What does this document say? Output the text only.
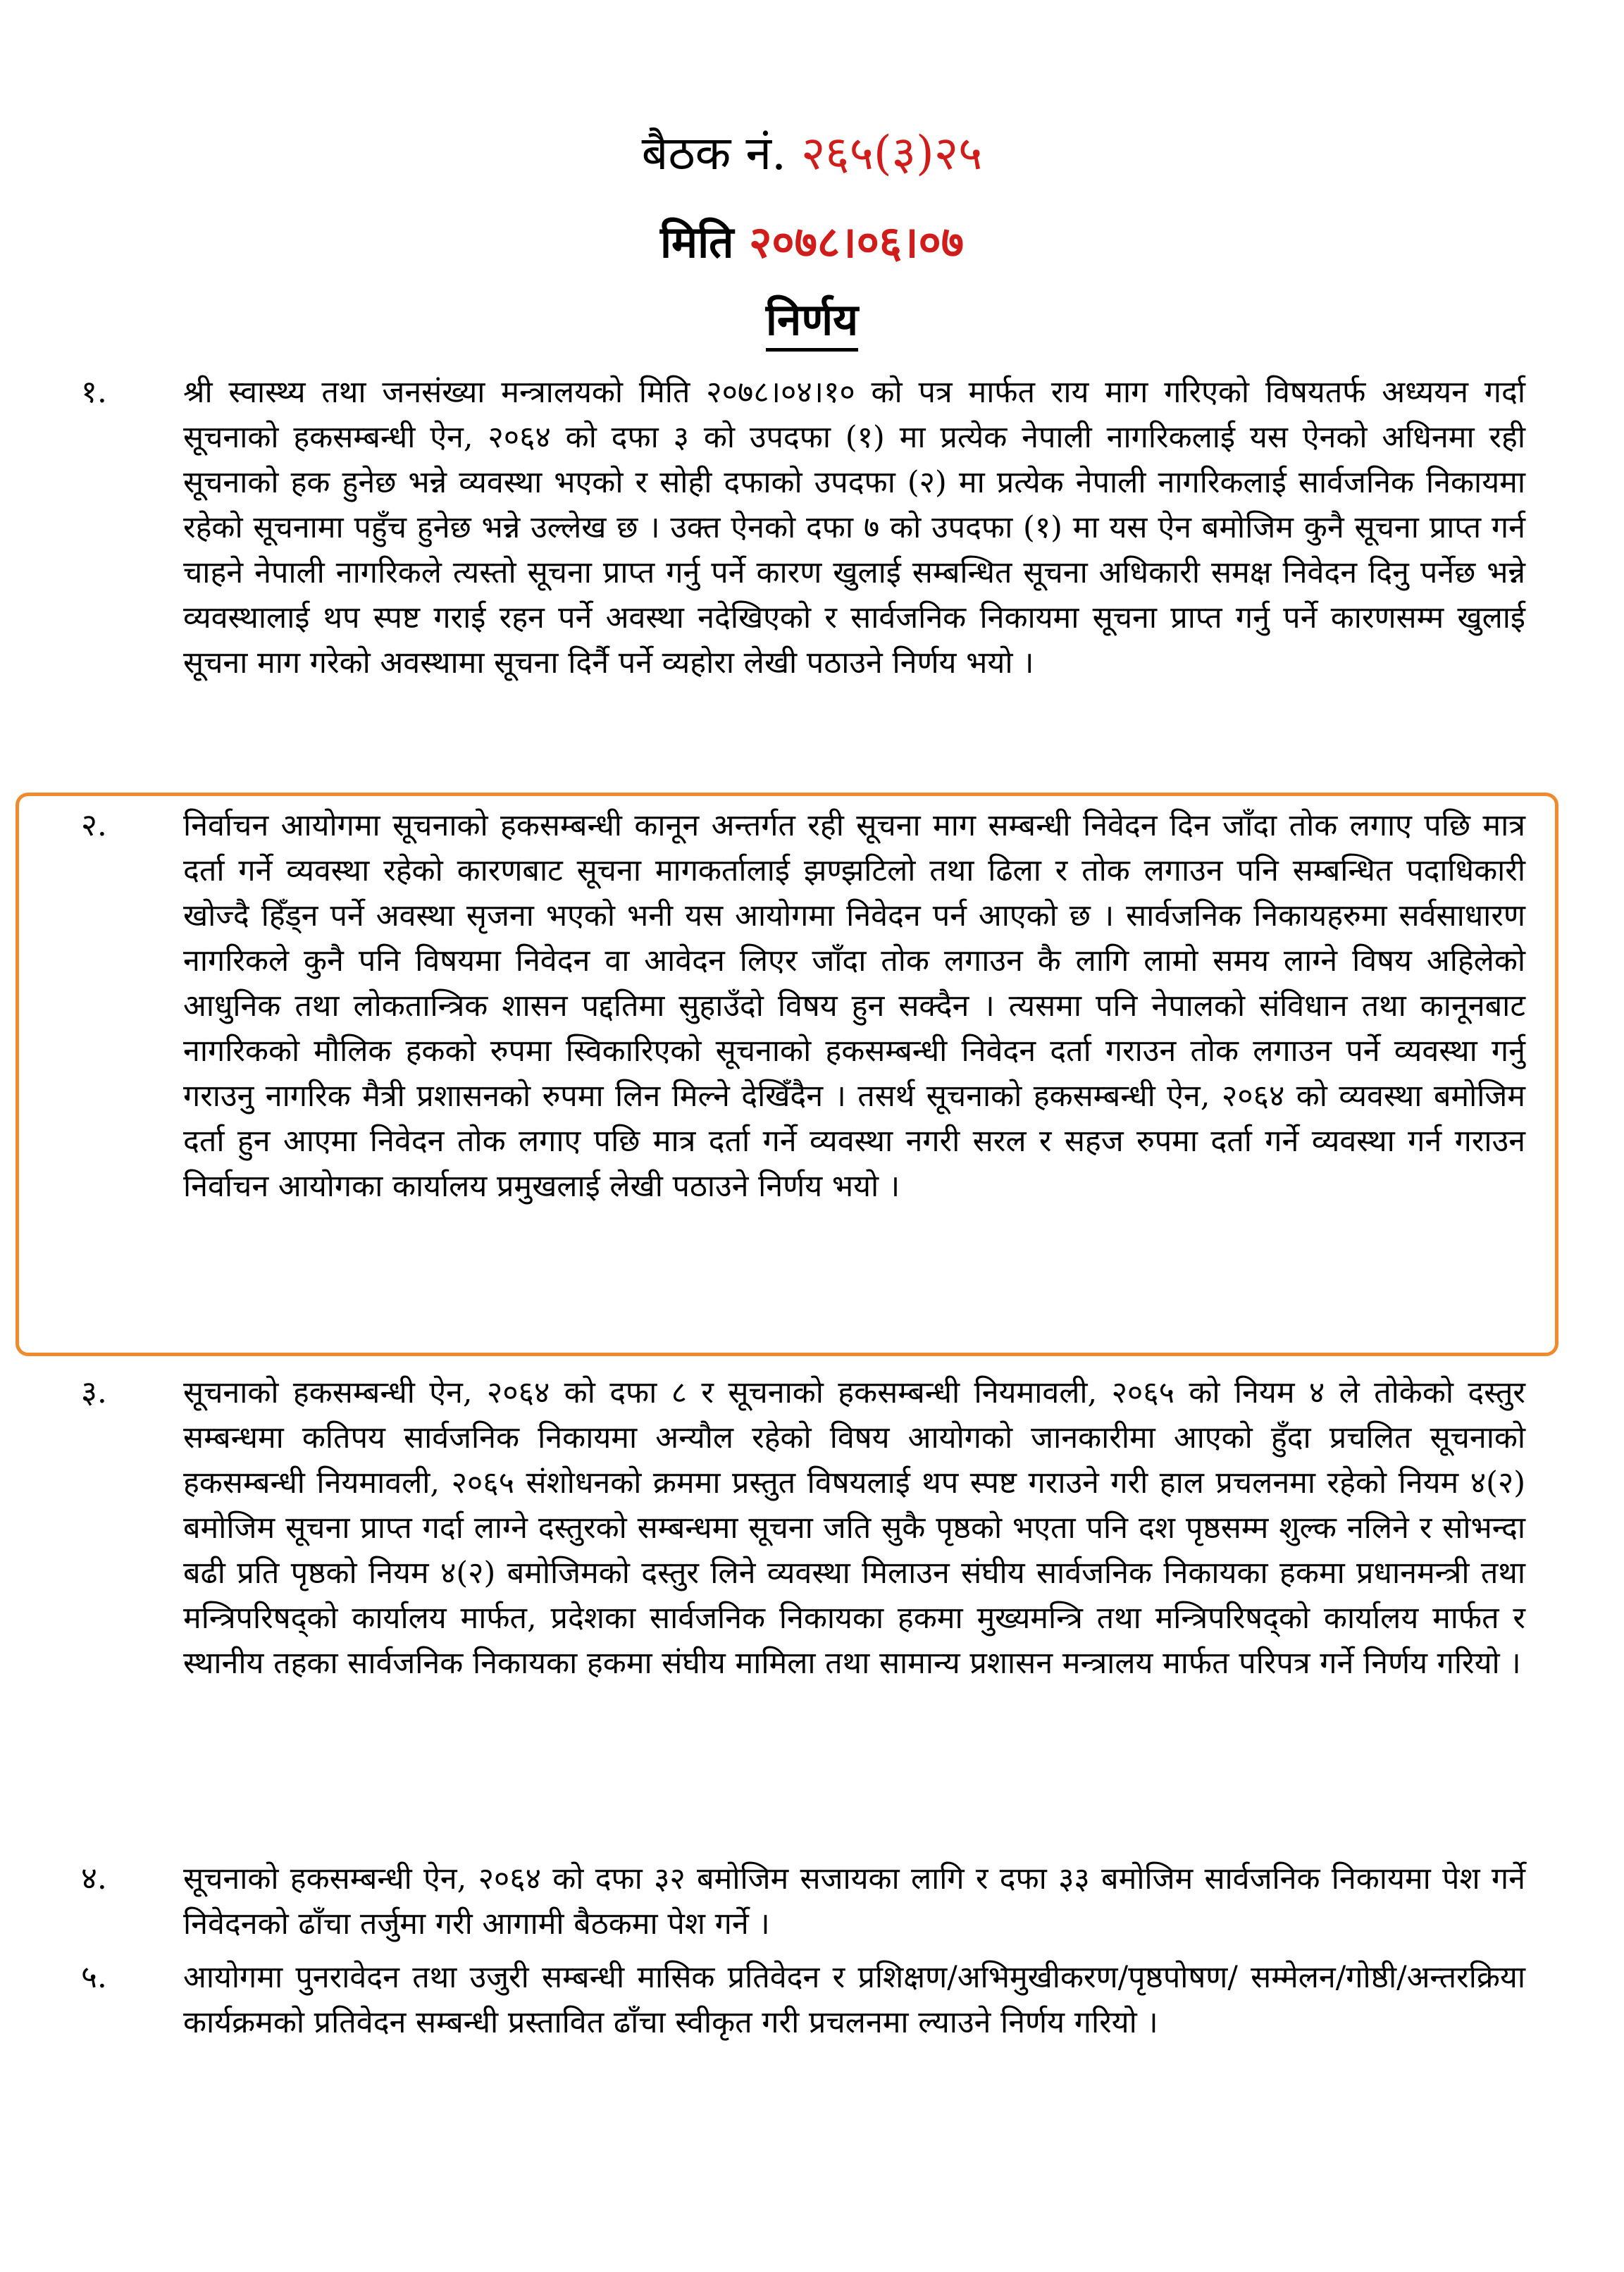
बैठक नं. २६५(३)२५
मिति २०७८।०६।०७
निर्णय
१.	श्री स्वास्थ्य तथा जनसंख्या मन्त्रालयको मिति २०७८।०४।१० को पत्र मार्फत राय माग गरिएको विषयतर्फ अध्ययन गर्दा सूचनाको हकसम्बन्धी ऐन, २०६४ को दफा ३ को उपदफा (१) मा प्रत्येक नेपाली नागरिकलाई यस ऐनको अधिनमा रही सूचनाको हक हुनेछ भन्ने व्यवस्था भएको र सोही दफाको उपदफा (२) मा प्रत्येक नेपाली नागरिकलाई सार्वजनिक निकायमा रहेको सूचनामा पहुँच हुनेछ भन्ने उल्लेख छ । उक्त ऐनको दफा ७ को उपदफा (१) मा यस ऐन बमोजिम कुनै सूचना प्राप्त गर्न चाहने नेपाली नागरिकले त्यस्तो सूचना प्राप्त गर्नु पर्ने कारण खुलाई सम्बन्धित सूचना अधिकारी समक्ष निवेदन दिनु पर्नेछ भन्ने व्यवस्थालाई थप स्पष्ट गराई रहन पर्ने अवस्था नदेखिएको र सार्वजनिक निकायमा सूचना प्राप्त गर्नु पर्ने कारणसम्म खुलाई सूचना माग गरेको अवस्थामा सूचना दिर्नै पर्ने व्यहोरा लेखी पठाउने निर्णय भयो ।
२.	निर्वाचन आयोगमा सूचनाको हकसम्बन्धी कानून अन्तर्गत रही सूचना माग सम्बन्धी निवेदन दिन जाँदा तोक लगाए पछि मात्र दर्ता गर्ने व्यवस्था रहेको कारणबाट सूचना मागकर्तालाई झण्झटिलो तथा ढिला र तोक लगाउन पनि सम्बन्धित पदाधिकारी खोज्दै हिँड्न पर्ने अवस्था सृजना भएको भनी यस आयोगमा निवेदन पर्न आएको छ । सार्वजनिक निकायहरुमा सर्वसाधारण नागरिकले कुनै पनि विषयमा निवेदन वा आवेदन लिएर जाँदा तोक लगाउन कै लागि लामो समय लाग्ने विषय अहिलेको आधुनिक तथा लोकतान्त्रिक शासन पद्दतिमा सुहाउँदो विषय हुन सक्दैन । त्यसमा पनि नेपालको संविधान तथा कानूनबाट नागरिकको मौलिक हकको रुपमा स्विकारिएको सूचनाको हकसम्बन्धी निवेदन दर्ता गराउन तोक लगाउन पर्ने व्यवस्था गर्नु गराउनु नागरिक मैत्री प्रशासनको रुपमा लिन मिल्ने देखिँदैन । तसर्थ सूचनाको हकसम्बन्धी ऐन, २०६४ को व्यवस्था बमोजिम दर्ता हुन आएमा निवेदन तोक लगाए पछि मात्र दर्ता गर्ने व्यवस्था नगरी सरल र सहज रुपमा दर्ता गर्ने व्यवस्था गर्न गराउन निर्वाचन आयोगका कार्यालय प्रमुखलाई लेखी पठाउने निर्णय भयो ।
३.	सूचनाको हकसम्बन्धी ऐन, २०६४ को दफा ८ र सूचनाको हकसम्बन्धी नियमावली, २०६५ को नियम ४ ले तोकेको दस्तुर सम्बन्धमा कतिपय सार्वजनिक निकायमा अन्यौल रहेको विषय आयोगको जानकारीमा आएको हुँदा प्रचलित सूचनाको हकसम्बन्धी नियमावली, २०६५ संशोधनको क्रममा प्रस्तुत विषयलाई थप स्पष्ट गराउने गरी हाल प्रचलनमा रहेको नियम ४(२) बमोजिम सूचना प्राप्त गर्दा लाग्ने दस्तुरको सम्बन्धमा सूचना जति सुकै पृष्ठको भएता पनि दश पृष्ठसम्म शुल्क नलिने र सोभन्दा बढी प्रति पृष्ठको नियम ४(२) बमोजिमको दस्तुर लिने व्यवस्था मिलाउन संघीय सार्वजनिक निकायका हकमा प्रधानमन्त्री तथा मन्त्रिपरिषद्को कार्यालय मार्फत, प्रदेशका सार्वजनिक निकायका हकमा मुख्यमन्त्रि तथा मन्त्रिपरिषद्को कार्यालय मार्फत र स्थानीय तहका सार्वजनिक निकायका हकमा संघीय मामिला तथा सामान्य प्रशासन मन्त्रालय मार्फत परिपत्र गर्ने निर्णय गरियो ।
४.	सूचनाको हकसम्बन्धी ऐन, २०६४ को दफा ३२ बमोजिम सजायका लागि र दफा ३३ बमोजिम सार्वजनिक निकायमा पेश गर्ने निवेदनको ढाँचा तर्जुमा गरी आगामी बैठकमा पेश गर्ने ।
५.	आयोगमा पुनरावेदन तथा उजुरी सम्बन्धी मासिक प्रतिवेदन र प्रशिक्षण/अभिमुखीकरण/पृष्ठपोषण/ सम्मेलन/गोष्ठी/अन्तरक्रिया कार्यक्रमको प्रतिवेदन सम्बन्धी प्रस्तावित ढाँचा स्वीकृत गरी प्रचलनमा ल्याउने निर्णय गरियो ।
